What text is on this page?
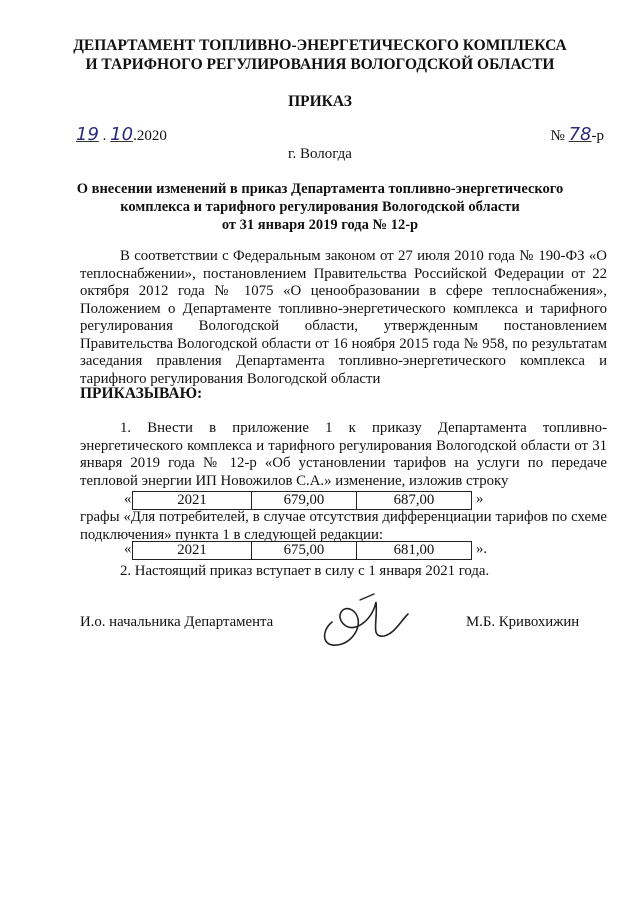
ДЕПАРТАМЕНТ ТОПЛИВНО-ЭНЕРГЕТИЧЕСКОГО КОМПЛЕКСА
И ТАРИФНОГО РЕГУЛИРОВАНИЯ ВОЛОГОДСКОЙ ОБЛАСТИ
ПРИКАЗ
19 . 10.2020	№ 78-р
г. Вологда
О внесении изменений в приказ Департамента топливно-энергетического
комплекса и тарифного регулирования Вологодской области
от 31 января 2019 года № 12-р

В соответствии с Федеральным законом от 27 июля 2010 года № 190-ФЗ «О теплоснабжении», постановлением Правительства Российской Федерации от 22 октября 2012 года № 1075 «О ценообразовании в сфере теплоснабжения», Положением о Департаменте топливно-энергетического комплекса и тарифного регулирования Вологодской области, утвержденным постановлением Правительства Вологодской области от 16 ноября 2015 года № 958, по результатам заседания правления Департамента топливно-энергетического комплекса и тарифного регулирования Вологодской области

ПРИКАЗЫВАЮ:

1. Внести в приложение 1 к приказу Департамента топливно-энергетического комплекса и тарифного регулирования Вологодской области от 31 января 2019 года № 12-р «Об установлении тарифов на услуги по передаче тепловой энергии ИП Новожилов С.А.» изменение, изложив строку

«	2021	679,00	687,00	»

графы «Для потребителей, в случае отсутствия дифференциации тарифов по схеме подключения» пункта 1 в следующей редакции:

«	2021	675,00	681,00	».
2. Настоящий приказ вступает в силу с 1 января 2021 года.
И.о. начальника Департамента	М.Б. Кривохижин
